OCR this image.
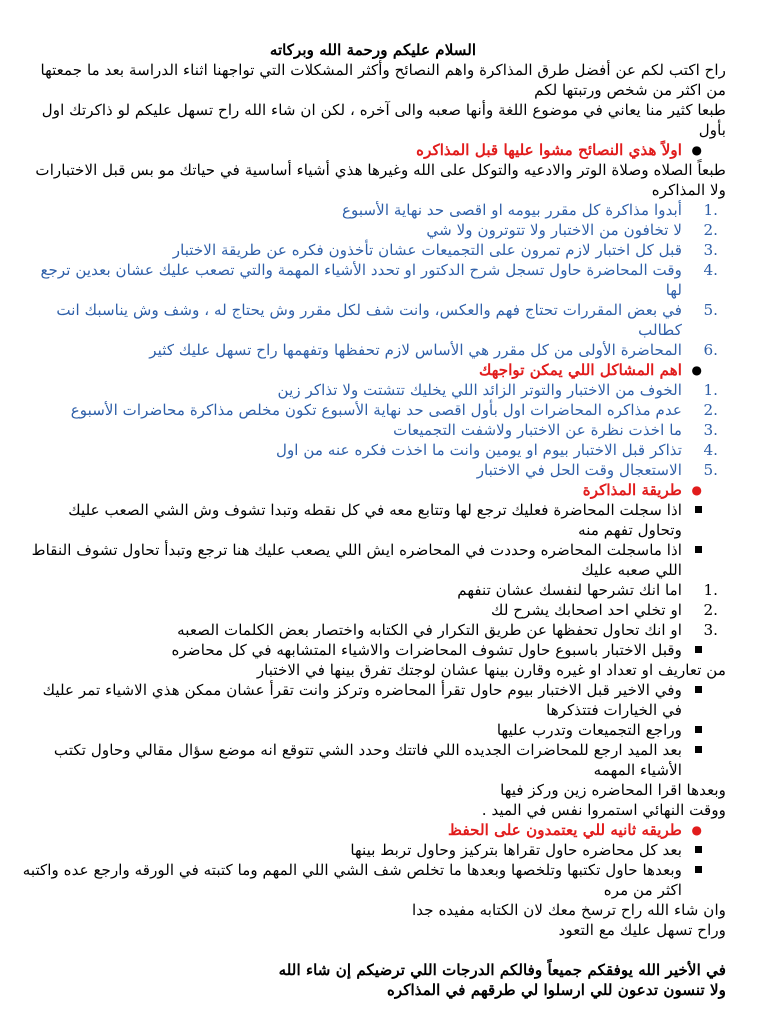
السلام عليكم ورحمة الله وبركاته

راح اكتب لكم عن أفضل طرق المذاكرة واهم النصائح وأكثر المشكلات التي تواجهنا اثناء الدراسة بعد ما جمعتها من اكثر من شخص ورتبتها لكم

طبعا كثير منا يعاني في موضوع اللغة وأنها صعبه والى آخره ، لكن ان شاء الله راح تسهل عليكم لو ذاكرتك اول بأول

●
اولاً هذي النصائح مشوا عليها قبل المذاكره

طبعاً الصلاه وصلاة الوتر والادعيه والتوكل على الله وغيرها هذي أشياء أساسية في حياتك مو بس قبل الاختبارات ولا المذاكره

1.
أبدوا مذاكرة كل مقرر بيومه او اقصى حد نهاية الأسبوع
2.
لا تخافون من الاختبار ولا تتوترون ولا شي
3.
قبل كل اختبار لازم تمرون على التجميعات عشان تأخذون فكره عن طريقة الاختبار
4.
وقت المحاضرة حاول تسجل شرح الدكتور او تحدد الأشياء المهمة والتي تصعب عليك عشان بعدين ترجع لها
5.
في بعض المقررات تحتاج فهم والعكس، وانت شف لكل مقرر وش يحتاج له ، وشف وش يناسبك انت كطالب
6.
المحاضرة الأولى من كل مقرر هي الأساس لازم تحفظها وتفهمها راح تسهل عليك كثير
●
اهم المشاكل اللي يمكن تواجهك
1.
الخوف من الاختبار والتوتر الزائد اللي يخليك تتشتت ولا تذاكر زين
2.
عدم مذاكره المحاضرات اول بأول اقصى حد نهاية الأسبوع تكون مخلص مذاكرة محاضرات الأسبوع
3.
ما اخذت نظرة عن الاختبار ولاشفت التجميعات
4.
تذاكر قبل الاختبار بيوم او يومين وانت ما اخذت فكره عنه من اول
5.
الاستعجال وقت الحل في الاختبار
●
طريقة المذاكرة
اذا سجلت المحاضرة فعليك ترجع لها وتتابع معه في كل نقطه وتبدا تشوف وش الشي الصعب عليك وتحاول تفهم منه
اذا ماسجلت المحاضره وحددت في المحاضره ايش اللي يصعب عليك هنا ترجع وتبدأ تحاول تشوف النقاط اللي صعبه عليك
1.
اما انك تشرحها لنفسك عشان تنفهم
2.
او تخلي احد اصحابك يشرح لك
3.
او انك تحاول تحفظها عن طريق التكرار في الكتابه واختصار بعض الكلمات الصعبه
وقبل الاختبار باسبوع حاول تشوف المحاضرات والاشياء المتشابهه في كل محاضره

من تعاريف او تعداد او غيره وقارن بينها عشان لوجتك تفرق بينها في الاختبار

وفي الاخير قبل الاختبار بيوم حاول تقرأ المحاضره وتركز وانت تقرأ عشان ممكن هذي الاشياء تمر عليك في الخيارات فتتذكرها
وراجع التجميعات وتدرب عليها
بعد الميد ارجع للمحاضرات الجديده اللي فاتتك وحدد الشي تتوقع انه موضع سؤال مقالي وحاول تكتب الأشياء المهمه

وبعدها اقرا المحاضره زين وركز فيها

ووقت النهائي استمروا نفس في الميد .

●
طريقه ثانيه للي يعتمدون على الحفظ
بعد كل محاضره حاول تقراها بتركيز وحاول تربط بينها
وبعدها حاول تكتبها وتلخصها وبعدها ما تخلص شف الشي اللي المهم وما كتبته في الورقه وارجع عده واكتبه اكثر من مره

وان شاء الله راح ترسخ معك لان الكتابه مفيده جدا

وراح تسهل عليك مع التعود

في الأخير الله يوفقكم جميعاً وفالكم الدرجات اللي ترضيكم إن شاء الله

ولا تنسون تدعون للي ارسلوا لي طرقهم في المذاكره
